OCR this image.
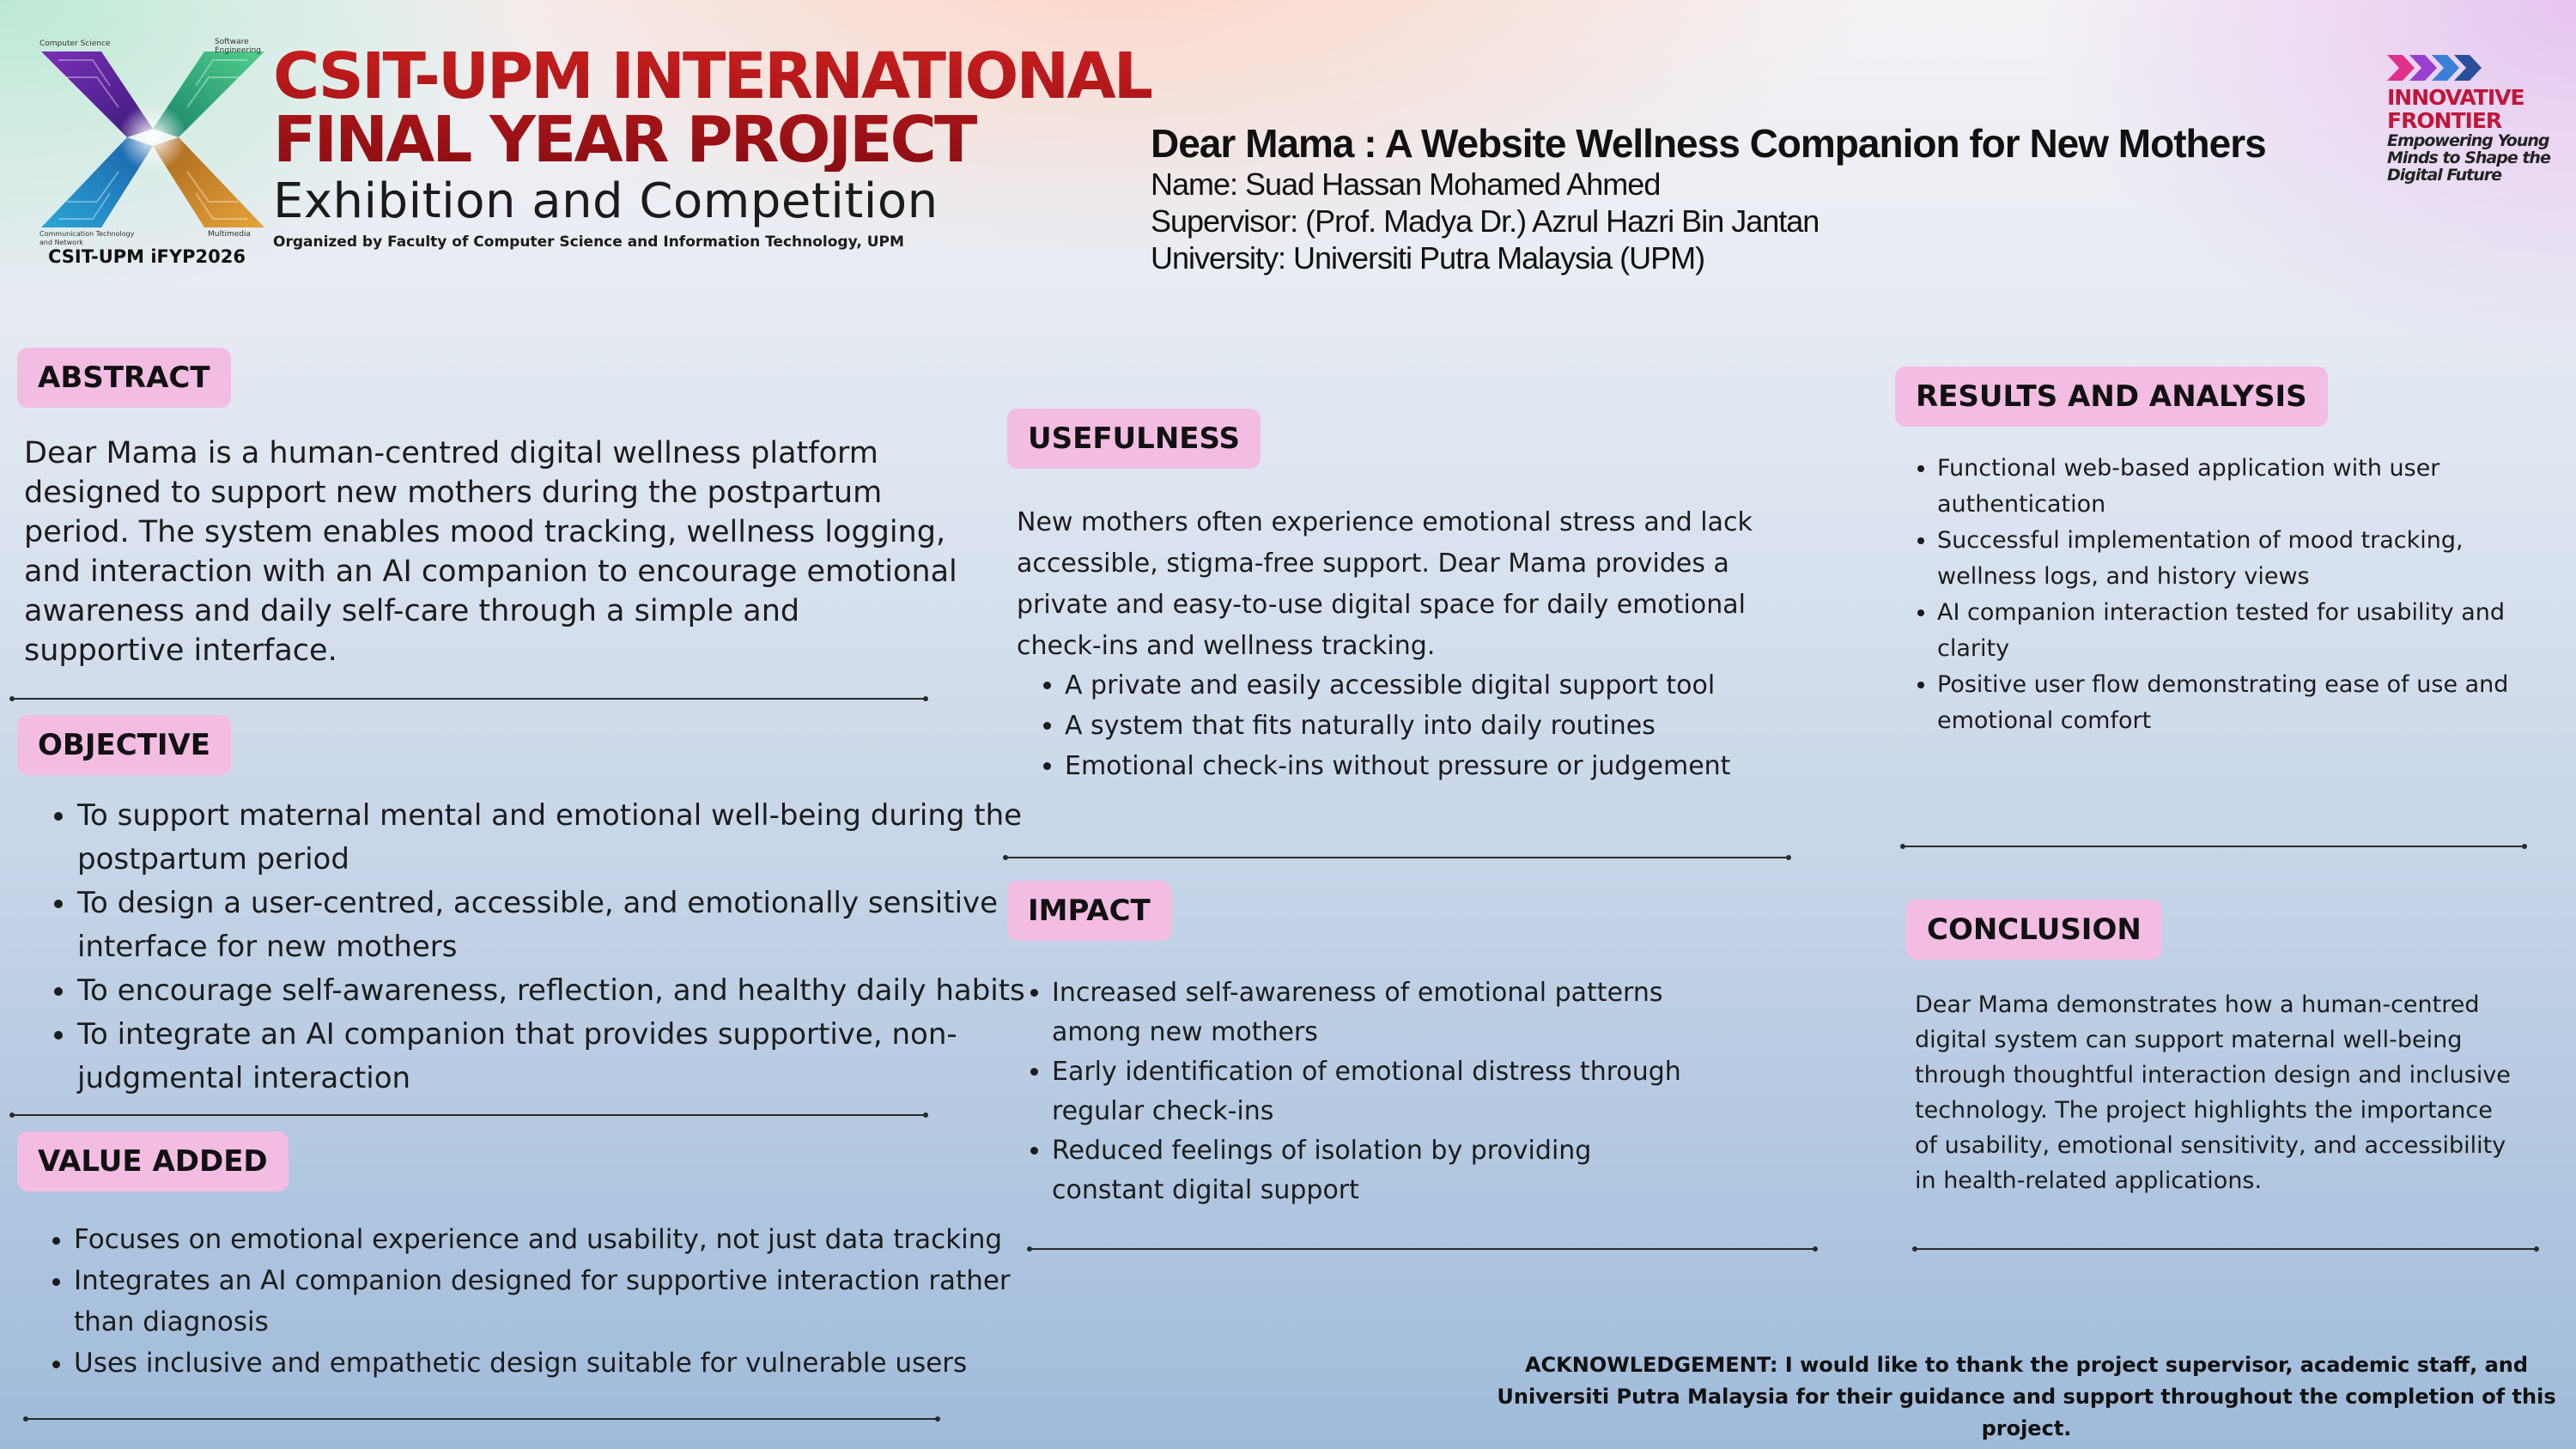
Computer Science	Software Engineering
Communication Technology and Network
Multimedia
CSIT-UPM iFYP2026
CSIT-UPM INTERNATIONAL
FINAL YEAR PROJECT
Exhibition and Competition
Organized by Faculty of Computer Science and Information Technology, UPM
Dear Mama : A Website Wellness Companion for New Mothers
Name: Suad Hassan Mohamed Ahmed
Supervisor: (Prof. Madya Dr.) Azrul Hazri Bin Jantan
University: Universiti Putra Malaysia (UPM)
INNOVATIVE
FRONTIER
Empowering Young
Minds to Shape the
Digital Future
ABSTRACT
Dear Mama is a human-centred digital wellness platform designed to support new mothers during the postpartum period. The system enables mood tracking, wellness logging, and interaction with an AI companion to encourage emotional awareness and daily self-care through a simple and supportive interface.
OBJECTIVE
• To support maternal mental and emotional well-being during the postpartum period
• To design a user-centred, accessible, and emotionally sensitive interface for new mothers
• To encourage self-awareness, reflection, and healthy daily habits
• To integrate an AI companion that provides supportive, non-judgmental interaction
VALUE ADDED
• Focuses on emotional experience and usability, not just data tracking
• Integrates an AI companion designed for supportive interaction rather than diagnosis
• Uses inclusive and empathetic design suitable for vulnerable users
USEFULNESS
New mothers often experience emotional stress and lack accessible, stigma-free support. Dear Mama provides a private and easy-to-use digital space for daily emotional check-ins and wellness tracking.
• A private and easily accessible digital support tool
• A system that fits naturally into daily routines
• Emotional check-ins without pressure or judgement
IMPACT
• Increased self-awareness of emotional patterns among new mothers
• Early identification of emotional distress through regular check-ins
• Reduced feelings of isolation by providing constant digital support
RESULTS AND ANALYSIS
• Functional web-based application with user authentication
• Successful implementation of mood tracking, wellness logs, and history views
• AI companion interaction tested for usability and clarity
• Positive user flow demonstrating ease of use and emotional comfort
CONCLUSION
Dear Mama demonstrates how a human-centred digital system can support maternal well-being through thoughtful interaction design and inclusive technology. The project highlights the importance of usability, emotional sensitivity, and accessibility in health-related applications.
ACKNOWLEDGEMENT: I would like to thank the project supervisor, academic staff, and Universiti Putra Malaysia for their guidance and support throughout the completion of this project.
